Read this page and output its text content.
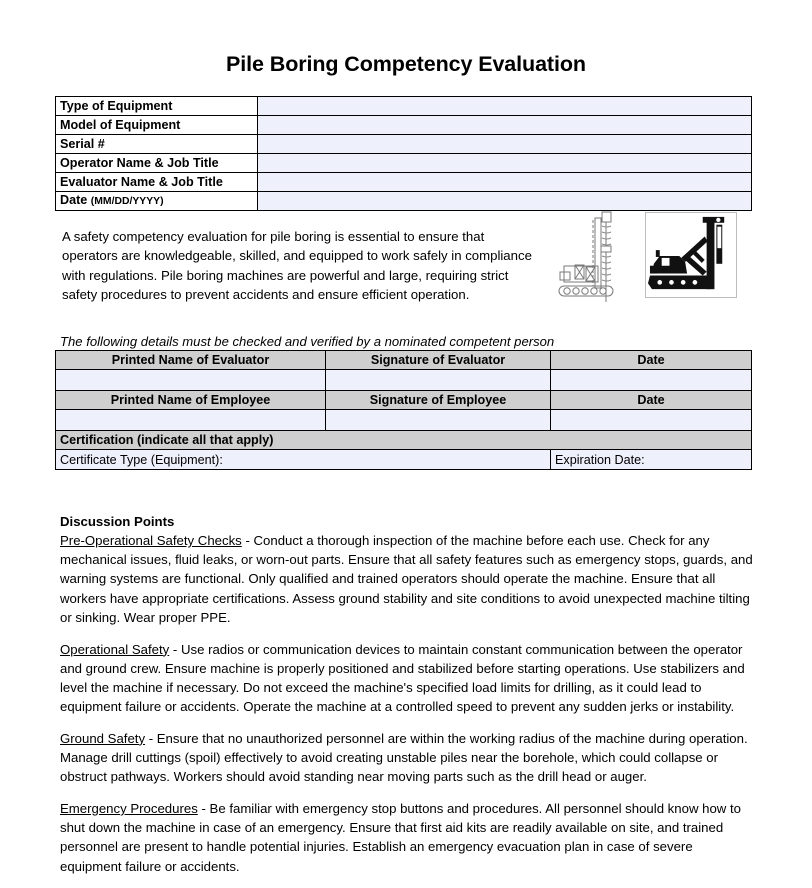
Pile Boring Competency Evaluation
Type of Equipment	
Model of Equipment	
Serial #	
Operator Name & Job Title	
Evaluator Name & Job Title	
Date (MM/DD/YYYY)	
A safety competency evaluation for pile boring is essential to ensure that operators are knowledgeable, skilled, and equipped to work safely in compliance with regulations. Pile boring machines are powerful and large, requiring strict safety procedures to prevent accidents and ensure efficient operation.
The following details must be checked and verified by a nominated competent person
Printed Name of Evaluator	Signature of Evaluator	Date

Printed Name of Employee	Signature of Employee	Date

Certification (indicate all that apply)		
Certificate Type (Equipment):		Expiration Date:
Discussion Points

Pre-Operational Safety Checks - Conduct a thorough inspection of the machine before each use. Check for any mechanical issues, fluid leaks, or worn-out parts. Ensure that all safety features such as emergency stops, guards, and warning systems are functional. Only qualified and trained operators should operate the machine. Ensure that all workers have appropriate certifications. Assess ground stability and site conditions to avoid unexpected machine tilting or sinking. Wear proper PPE.

Operational Safety - Use radios or communication devices to maintain constant communication between the operator and ground crew. Ensure machine is properly positioned and stabilized before starting operations. Use stabilizers and level the machine if necessary. Do not exceed the machine's specified load limits for drilling, as it could lead to equipment failure or accidents. Operate the machine at a controlled speed to prevent any sudden jerks or instability.

Ground Safety - Ensure that no unauthorized personnel are within the working radius of the machine during operation. Manage drill cuttings (spoil) effectively to avoid creating unstable piles near the borehole, which could collapse or obstruct pathways. Workers should avoid standing near moving parts such as the drill head or auger.

Emergency Procedures - Be familiar with emergency stop buttons and procedures. All personnel should know how to shut down the machine in case of an emergency. Ensure that first aid kits are readily available on site, and trained personnel are present to handle potential injuries. Establish an emergency evacuation plan in case of severe equipment failure or accidents.
